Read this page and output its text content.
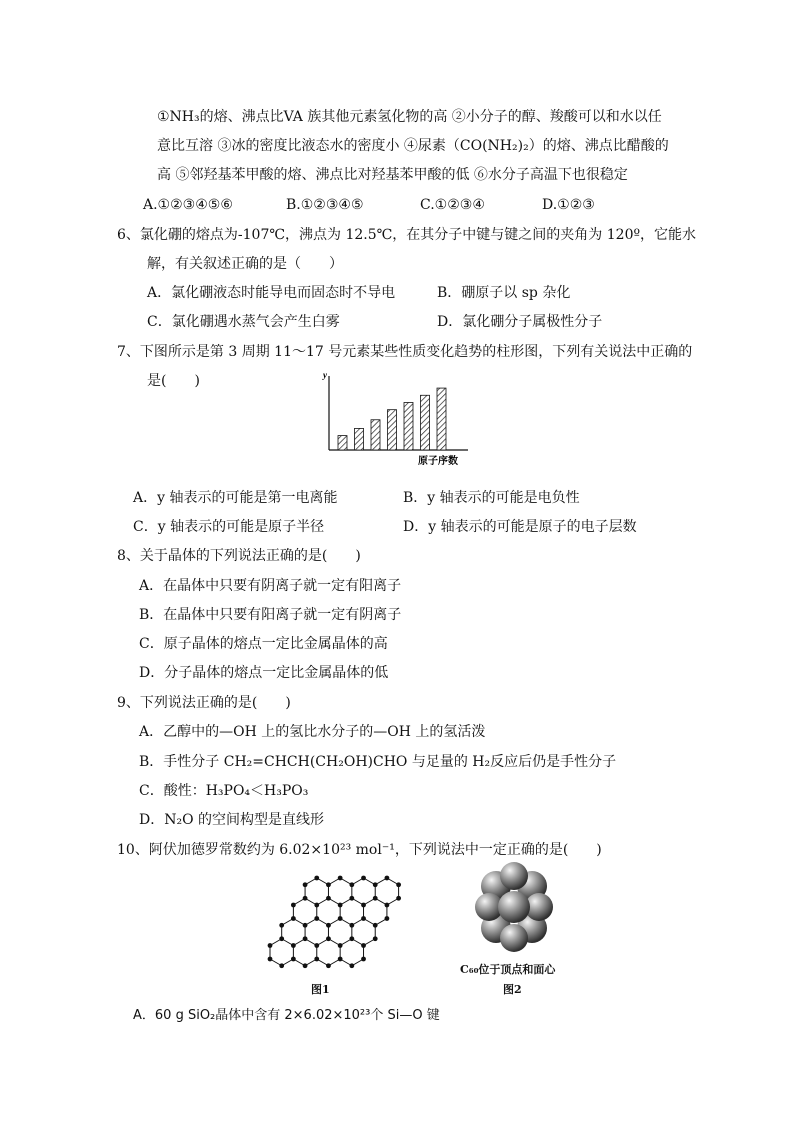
①NH₃的熔、沸点比VA 族其他元素氢化物的高 ②小分子的醇、羧酸可以和水以任
意比互溶 ③冰的密度比液态水的密度小 ④尿素（CO(NH₂)₂）的熔、沸点比醋酸的
高 ⑤邻羟基苯甲酸的熔、沸点比对羟基苯甲酸的低 ⑥水分子高温下也很稳定
A.①②③④⑤⑥	B.①②③④⑤	C.①②③④	D.①②③
6、氯化硼的熔点为-107℃，沸点为 12.5℃，在其分子中键与键之间的夹角为 120º，它能水
解，有关叙述正确的是（　　）
A．氯化硼液态时能导电而固态时不导电	B．硼原子以 sp 杂化
C．氯化硼遇水蒸气会产生白雾	D．氯化硼分子属极性分子
7、下图所示是第 3 周期 11～17 号元素某些性质变化趋势的柱形图，下列有关说法中正确的
是(　　)	y
原子序数
A．y 轴表示的可能是第一电离能	B．y 轴表示的可能是电负性
C．y 轴表示的可能是原子半径	D．y 轴表示的可能是原子的电子层数
8、关于晶体的下列说法正确的是(　　)
A．在晶体中只要有阴离子就一定有阳离子
B．在晶体中只要有阳离子就一定有阴离子
C．原子晶体的熔点一定比金属晶体的高
D．分子晶体的熔点一定比金属晶体的低
9、下列说法正确的是(　　)
A．乙醇中的—OH 上的氢比水分子的—OH 上的氢活泼
B．手性分子 CH₂=CHCH(CH₂OH)CHO 与足量的 H₂反应后仍是手性分子
C．酸性：H₃PO₄＜H₃PO₃
D．N₂O 的空间构型是直线形
10、阿伏加德罗常数约为 6.02×10²³ mol⁻¹，下列说法中一定正确的是(　　)
图1
C₆₀位于顶点和面心
图2
A．60 g SiO₂晶体中含有 2×6.02×10²³个 Si—O 键
